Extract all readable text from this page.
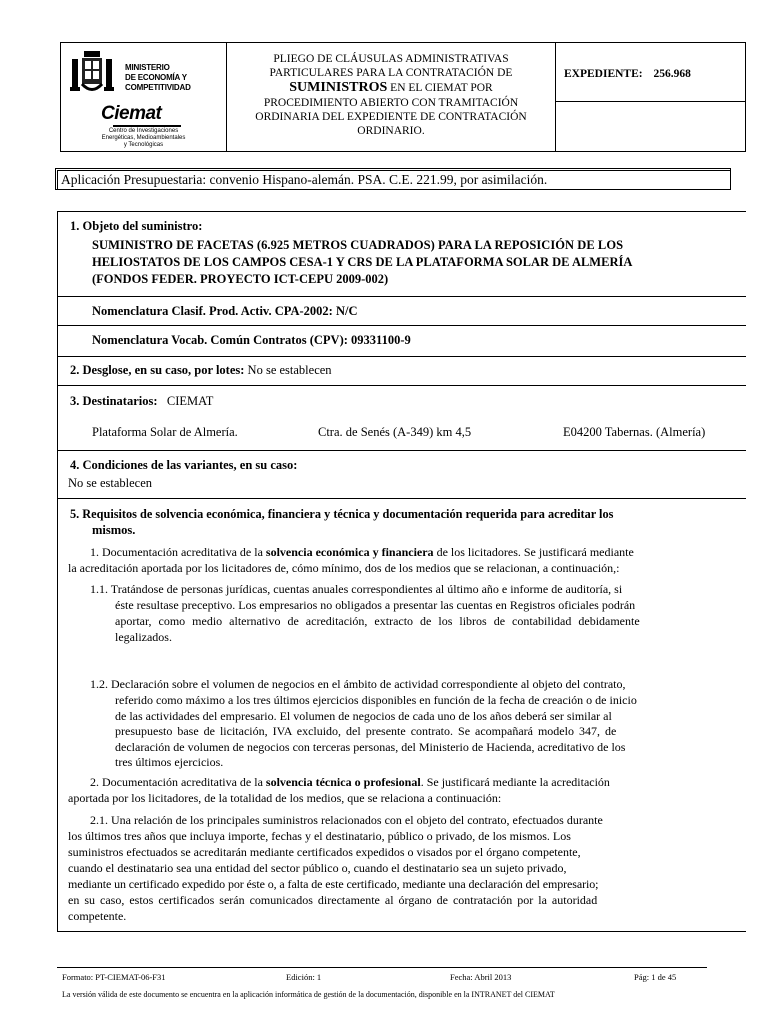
MINISTERIO
DE ECONOMÍA Y
COMPETITIVIDAD
Ciemat
Centro de Investigaciones
Energéticas, Medioambientales
y Tecnológicas
PLIEGO DE CLÁUSULAS ADMINISTRATIVAS
PARTICULARES PARA LA CONTRATACIÓN DE
SUMINISTROS EN EL CIEMAT POR
PROCEDIMIENTO ABIERTO CON TRAMITACIÓN
ORDINARIA DEL EXPEDIENTE DE CONTRATACIÓN
ORDINARIO.
EXPEDIENTE: 256.968
Aplicación Presupuestaria: convenio Hispano-alemán. PSA. C.E. 221.99, por asimilación.
1. Objeto del suministro:
SUMINISTRO DE FACETAS (6.925 METROS CUADRADOS) PARA LA REPOSICIÓN DE LOS
HELIOSTATOS DE LOS CAMPOS CESA-1 Y CRS DE LA PLATAFORMA SOLAR DE ALMERÍA
(FONDOS FEDER. PROYECTO ICT-CEPU 2009-002)
Nomenclatura Clasif. Prod. Activ. CPA-2002: N/C
Nomenclatura Vocab. Común Contratos (CPV): 09331100-9
2. Desglose, en su caso, por lotes: No se establecen
3. Destinatarios: CIEMAT
Plataforma Solar de Almería.	Ctra. de Senés (A-349) km 4,5	E04200 Tabernas. (Almería)
4. Condiciones de las variantes, en su caso:
No se establecen
5. Requisitos de solvencia económica, financiera y técnica y documentación requerida para acreditar los
mismos.
1. Documentación acreditativa de la solvencia económica y financiera de los licitadores. Se justificará mediante
la acreditación aportada por los licitadores de, cómo mínimo, dos de los medios que se relacionan, a continuación,:
1.1. Tratándose de personas jurídicas, cuentas anuales correspondientes al último año e informe de auditoría, si
éste resultase preceptivo. Los empresarios no obligados a presentar las cuentas en Registros oficiales podrán
aportar, como medio alternativo de acreditación, extracto de los libros de contabilidad debidamente
legalizados.
1.2. Declaración sobre el volumen de negocios en el ámbito de actividad correspondiente al objeto del contrato,
referido como máximo a los tres últimos ejercicios disponibles en función de la fecha de creación o de inicio
de las actividades del empresario. El volumen de negocios de cada uno de los años deberá ser similar al
presupuesto base de licitación, IVA excluido, del presente contrato. Se acompañará modelo 347, de
declaración de volumen de negocios con terceras personas, del Ministerio de Hacienda, acreditativo de los
tres últimos ejercicios.
2. Documentación acreditativa de la solvencia técnica o profesional. Se justificará mediante la acreditación
aportada por los licitadores, de la totalidad de los medios, que se relaciona a continuación:
2.1. Una relación de los principales suministros relacionados con el objeto del contrato, efectuados durante
los últimos tres años que incluya importe, fechas y el destinatario, público o privado, de los mismos. Los
suministros efectuados se acreditarán mediante certificados expedidos o visados por el órgano competente,
cuando el destinatario sea una entidad del sector público o, cuando el destinatario sea un sujeto privado,
mediante un certificado expedido por éste o, a falta de este certificado, mediante una declaración del empresario;
en su caso, estos certificados serán comunicados directamente al órgano de contratación por la autoridad
competente.
Formato: PT-CIEMAT-06-F31	Edición: 1	Fecha: Abril 2013	Pág: 1 de 45
La versión válida de este documento se encuentra en la aplicación informática de gestión de la documentación, disponible en la INTRANET del CIEMAT
